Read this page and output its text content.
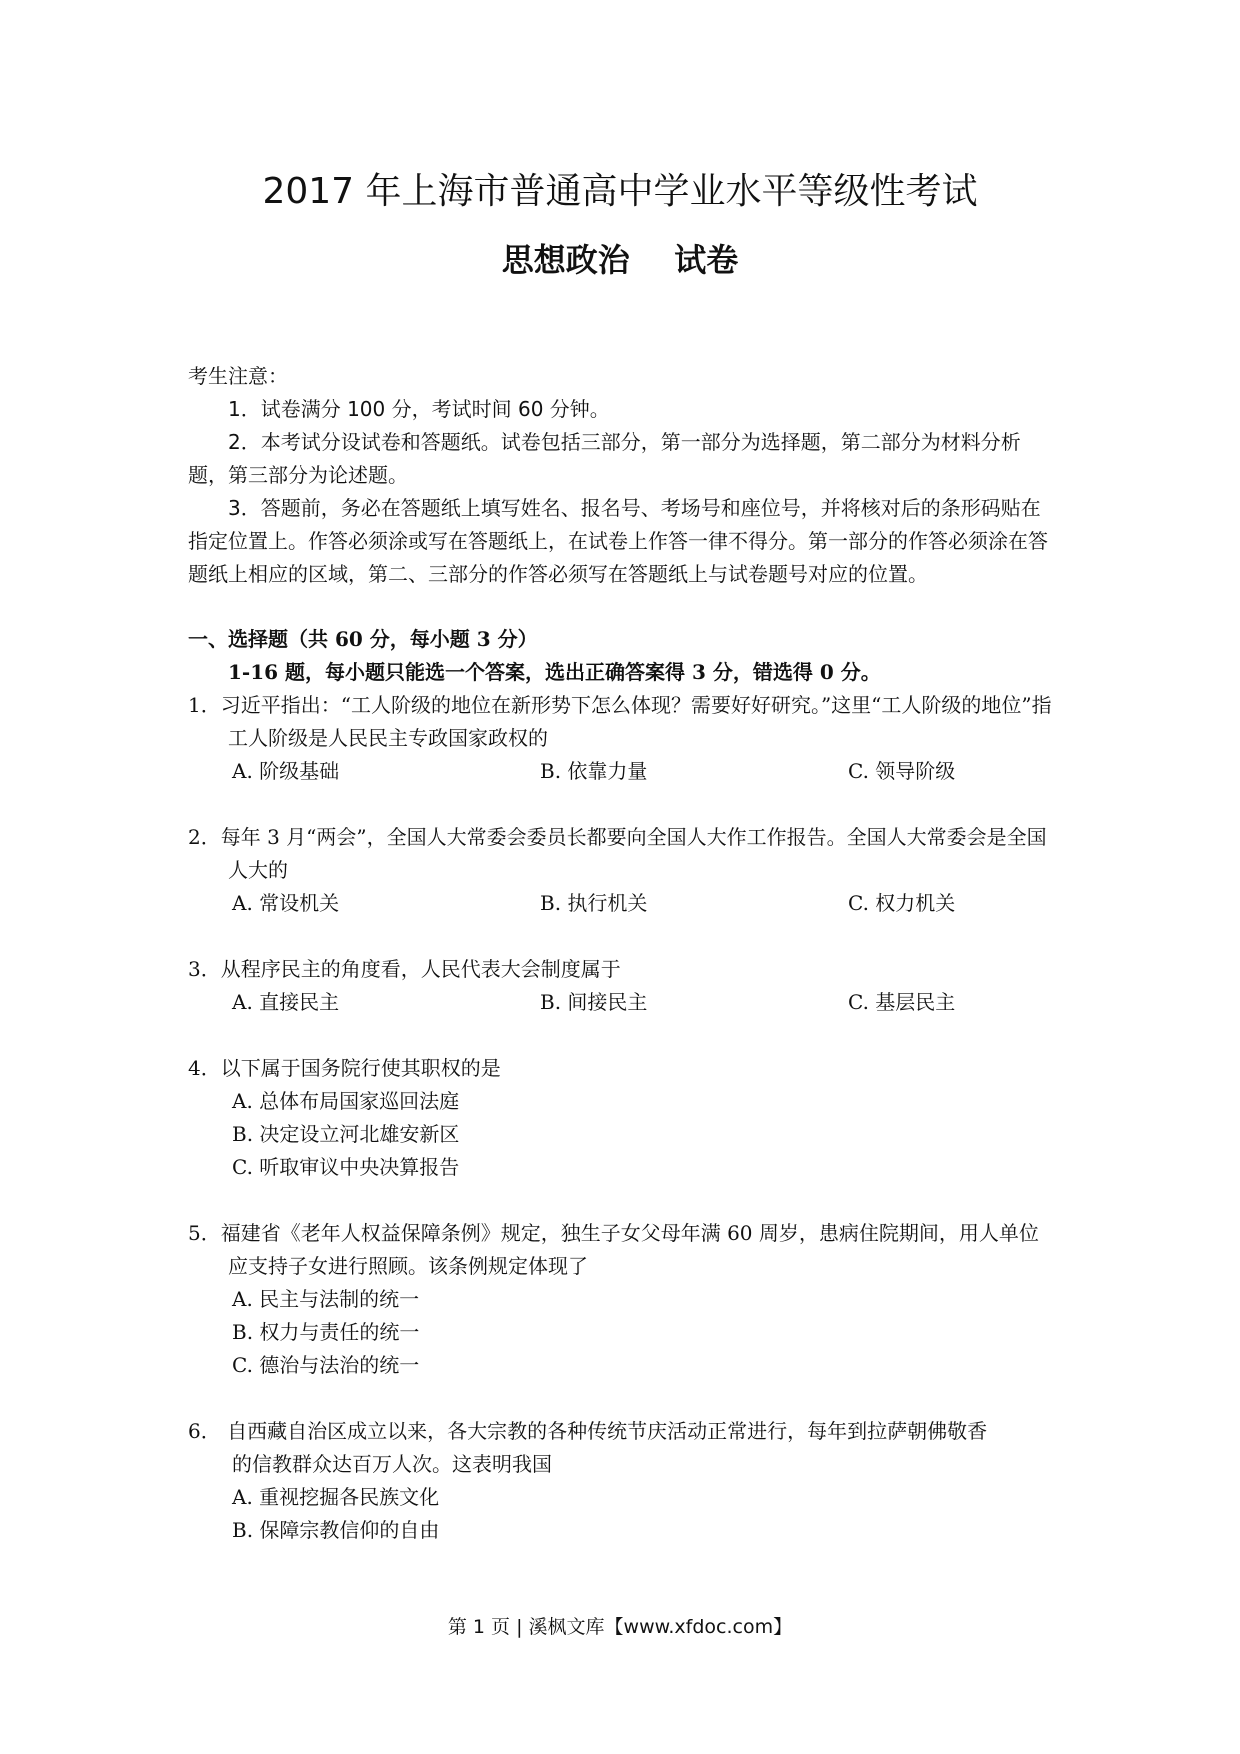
2017 年上海市普通高中学业水平等级性考试
思想政治    试卷

考生注意：

1．试卷满分 100 分，考试时间 60 分钟。

2．本考试分设试卷和答题纸。试卷包括三部分，第一部分为选择题，第二部分为材料分析题，第三部分为论述题。

3．答题前，务必在答题纸上填写姓名、报名号、考场号和座位号，并将核对后的条形码贴在指定位置上。作答必须涂或写在答题纸上，在试卷上作答一律不得分。第一部分的作答必须涂在答题纸上相应的区域，第二、三部分的作答必须写在答题纸上与试卷题号对应的位置。

一、选择题（共 60 分，每小题 3 分）

1-16 题，每小题只能选一个答案，选出正确答案得 3 分，错选得 0 分。

1．习近平指出：“工人阶级的地位在新形势下怎么体现？需要好好研究。”这里“工人阶级的地位”指工人阶级是人民民主专政国家政权的

A. 阶级基础	B. 依靠力量	C. 领导阶级

2．每年 3 月“两会”，全国人大常委会委员长都要向全国人大作工作报告。全国人大常委会是全国人大的

A. 常设机关	B. 执行机关	C. 权力机关

3．从程序民主的角度看，人民代表大会制度属于

A. 直接民主	B. 间接民主	C. 基层民主

4．以下属于国务院行使其职权的是

A. 总体布局国家巡回法庭

B. 决定设立河北雄安新区

C. 听取审议中央决算报告

5．福建省《老年人权益保障条例》规定，独生子女父母年满 60 周岁，患病住院期间，用人单位应支持子女进行照顾。该条例规定体现了

A. 民主与法制的统一

B. 权力与责任的统一

C. 德治与法治的统一

6． 自西藏自治区成立以来，各大宗教的各种传统节庆活动正常进行，每年到拉萨朝佛敬香

的信教群众达百万人次。这表明我国

A. 重视挖掘各民族文化

B. 保障宗教信仰的自由

第 1 页 | 溪枫文库【www.xfdoc.com】
